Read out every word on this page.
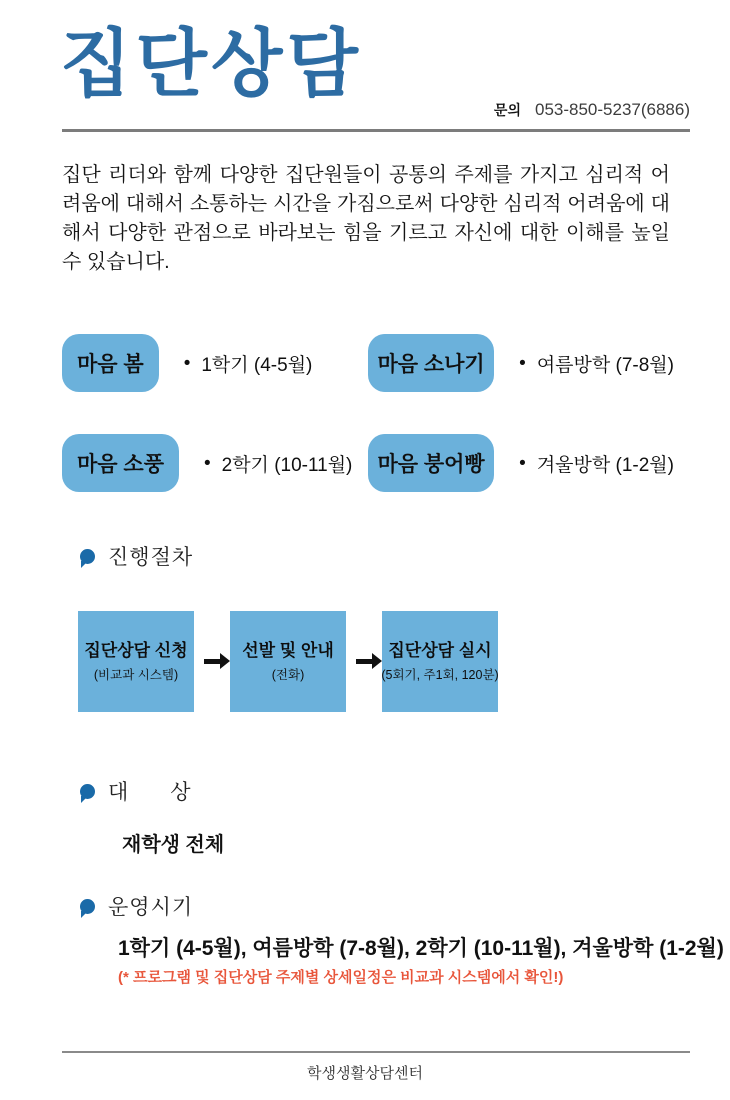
집단상담
문의 053-850-5237(6886)

집단 리더와 함께 다양한 집단원들이 공통의 주제를 가지고 심리적 어려움에 대해서 소통하는 시간을 가짐으로써 다양한 심리적 어려움에 대해서 다양한 관점으로 바라보는 힘을 기르고 자신에 대한 이해를 높일 수 있습니다.

마음 봄	• 1학기 (4-5월)	마음 소나기	• 여름방학 (7-8월)
마음 소풍	• 2학기 (10-11월)	마음 붕어빵	• 겨울방학 (1-2월)
진행절차
집단상담 신청
(비교과 시스템)
선발 및 안내
(전화)
집단상담 실시
(5회기, 주1회, 120분)
대      상
재학생 전체
운영시기
1학기 (4-5월), 여름방학 (7-8월), 2학기 (10-11월), 겨울방학 (1-2월)
(* 프로그램 및 집단상담 주제별 상세일정은 비교과 시스템에서 확인!)
학생생활상담센터
